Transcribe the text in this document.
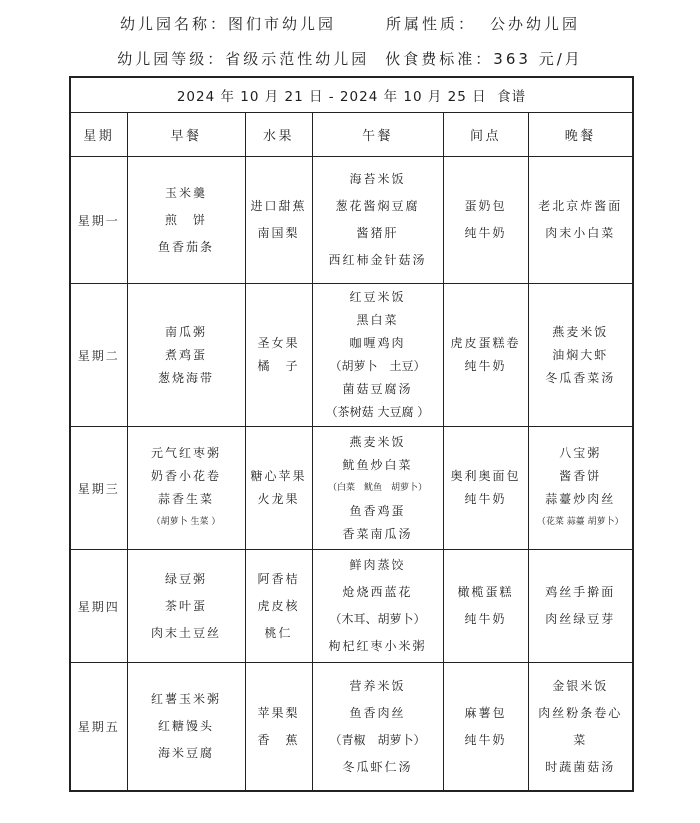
幼儿园名称： 图们市幼儿园	所属性质： 公办幼儿园
幼儿园等级： 省级示范性幼儿园 伙食费标准： 363 元/月
2024 年 10 月 21 日 - 2024 年 10 月 25 日  食谱					
星期	早餐	水果	午餐	间点	晚餐
星期一	
玉米羹
煎　饼
鱼香茄条

进口甜蕉
南国梨

海苔米饭
葱花酱焖豆腐
酱猪肝
西红柿金针菇汤

蛋奶包
纯牛奶

老北京炸酱面
肉末小白菜

星期二	
南瓜粥
煮鸡蛋
葱烧海带

圣女果
橘　子

红豆米饭
黑白菜
咖喱鸡肉
（胡萝卜　土豆）
菌菇豆腐汤
（茶树菇 大豆腐 ）

虎皮蛋糕卷
纯牛奶

燕麦米饭
油焖大虾
冬瓜香菜汤

星期三	
元气红枣粥
奶香小花卷
蒜香生菜
（胡萝卜 生菜 ）

糖心苹果
火龙果

燕麦米饭
鱿鱼炒白菜
（白菜　鱿鱼　胡萝卜）
鱼香鸡蛋
香菜南瓜汤

奥利奥面包
纯牛奶

八宝粥
酱香饼
蒜薹炒肉丝
（花菜 蒜薹 胡萝卜）

星期四	
绿豆粥
茶叶蛋
肉末土豆丝

阿香桔
虎皮核
桃仁

鲜肉蒸饺
炝烧西蓝花
（木耳、胡萝卜）
枸杞红枣小米粥

橄榄蛋糕
纯牛奶

鸡丝手擀面
肉丝绿豆芽

星期五	
红薯玉米粥
红糖馒头
海米豆腐

苹果梨
香　蕉

营养米饭
鱼香肉丝
（青椒　胡萝卜）
冬瓜虾仁汤

麻薯包
纯牛奶

金银米饭
肉丝粉条卷心
菜
时蔬菌菇汤
